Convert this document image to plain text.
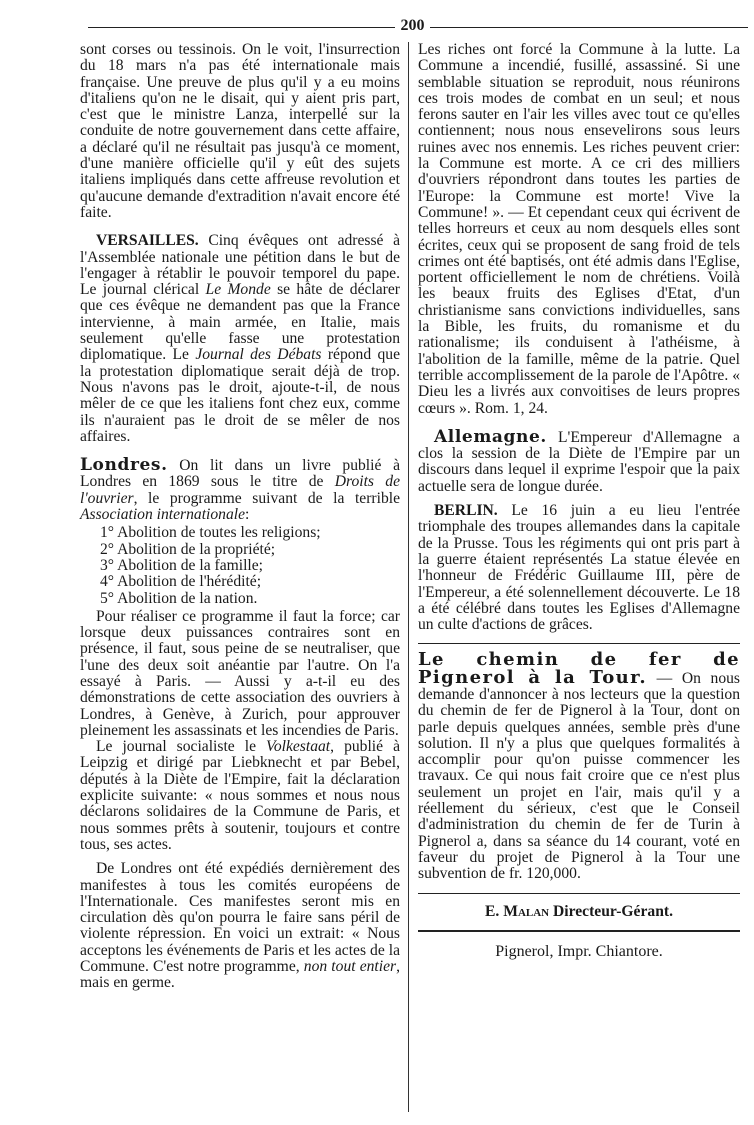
200

sont corses ou tessinois. On le voit, l'insurrection du 18 mars n'a pas été internationale mais française. Une preuve de plus qu'il y a eu moins d'italiens qu'on ne le disait, qui y aient pris part, c'est que le ministre Lanza, interpellé sur la conduite de notre gouvernement dans cette affaire, a déclaré qu'il ne résultait pas jusqu'à ce moment, d'une manière officielle qu'il y eût des sujets italiens impliqués dans cette affreuse revolution et qu'aucune demande d'extradition n'avait encore été faite.

VERSAILLES. Cinq évêques ont adressé à l'Assemblée nationale une pétition dans le but de l'engager à rétablir le pouvoir temporel du pape. Le journal clérical Le Monde se hâte de déclarer que ces évêque ne demandent pas que la France intervienne, à main armée, en Italie, mais seulement qu'elle fasse une protestation diplomatique. Le Journal des Débats répond que la protestation diplomatique serait déjà de trop. Nous n'avons pas le droit, ajoute-t-il, de nous mêler de ce que les italiens font chez eux, comme ils n'auraient pas le droit de se mêler de nos affaires.

Londres. On lit dans un livre publié à Londres en 1869 sous le titre de Droits de l'ouvrier, le programme suivant de la terrible Association internationale:

1° Abolition de toutes les religions;
2° Abolition de la propriété;
3° Abolition de la famille;
4° Abolition de l'hérédité;
5° Abolition de la nation.

Pour réaliser ce programme il faut la force; car lorsque deux puissances contraires sont en présence, il faut, sous peine de se neutraliser, que l'une des deux soit anéantie par l'autre. On l'a essayé à Paris. — Aussi y a-t-il eu des démonstrations de cette association des ouvriers à Londres, à Genève, à Zurich, pour approuver pleinement les assassinats et les incendies de Paris.

Le journal socialiste le Volkestaat, publié à Leipzig et dirigé par Liebknecht et par Bebel, députés à la Diète de l'Empire, fait la déclaration explicite suivante: « nous sommes et nous nous déclarons solidaires de la Commune de Paris, et nous sommes prêts à soutenir, toujours et contre tous, ses actes.

De Londres ont été expédiés dernièrement des manifestes à tous les comités européens de l'Internationale. Ces manifestes seront mis en circulation dès qu'on pourra le faire sans péril de violente répression. En voici un extrait: « Nous acceptons les événements de Paris et les actes de la Commune. C'est notre programme, non tout entier, mais en germe.

Les riches ont forcé la Commune à la lutte. La Commune a incendié, fusillé, assassiné. Si une semblable situation se reproduit, nous réunirons ces trois modes de combat en un seul; et nous ferons sauter en l'air les villes avec tout ce qu'elles contiennent; nous nous ensevelirons sous leurs ruines avec nos ennemis. Les riches peuvent crier: la Commune est morte. A ce cri des milliers d'ouvriers répondront dans toutes les parties de l'Europe: la Commune est morte! Vive la Commune! ». — Et cependant ceux qui écrivent de telles horreurs et ceux au nom desquels elles sont écrites, ceux qui se proposent de sang froid de tels crimes ont été baptisés, ont été admis dans l'Eglise, portent officiellement le nom de chrétiens. Voilà les beaux fruits des Eglises d'Etat, d'un christianisme sans convictions individuelles, sans la Bible, les fruits, du romanisme et du rationalisme; ils conduisent à l'athéisme, à l'abolition de la famille, même de la patrie. Quel terrible accomplissement de la parole de l'Apôtre. « Dieu les a livrés aux convoitises de leurs propres cœurs ». Rom. 1, 24.

Allemagne. L'Empereur d'Allemagne a clos la session de la Diète de l'Empire par un discours dans lequel il exprime l'espoir que la paix actuelle sera de longue durée.

BERLIN. Le 16 juin a eu lieu l'entrée triomphale des troupes allemandes dans la capitale de la Prusse. Tous les régiments qui ont pris part à la guerre étaient représentés La statue élevée en l'honneur de Frédéric Guillaume III, père de l'Empereur, a été solennellement découverte. Le 18 a été célébré dans toutes les Eglises d'Allemagne un culte d'actions de grâces.

Le chemin de fer de Pignerol à la Tour. — On nous demande d'annoncer à nos lecteurs que la question du chemin de fer de Pignerol à la Tour, dont on parle depuis quelques années, semble près d'une solution. Il n'y a plus que quelques formalités à accomplir pour qu'on puisse commencer les travaux. Ce qui nous fait croire que ce n'est plus seulement un projet en l'air, mais qu'il y a réellement du sérieux, c'est que le Conseil d'administration du chemin de fer de Turin à Pignerol a, dans sa séance du 14 courant, voté en faveur du projet de Pignerol à la Tour une subvention de fr. 120,000.

E. Malan Directeur-Gérant.
Pignerol, Impr. Chiantore.
